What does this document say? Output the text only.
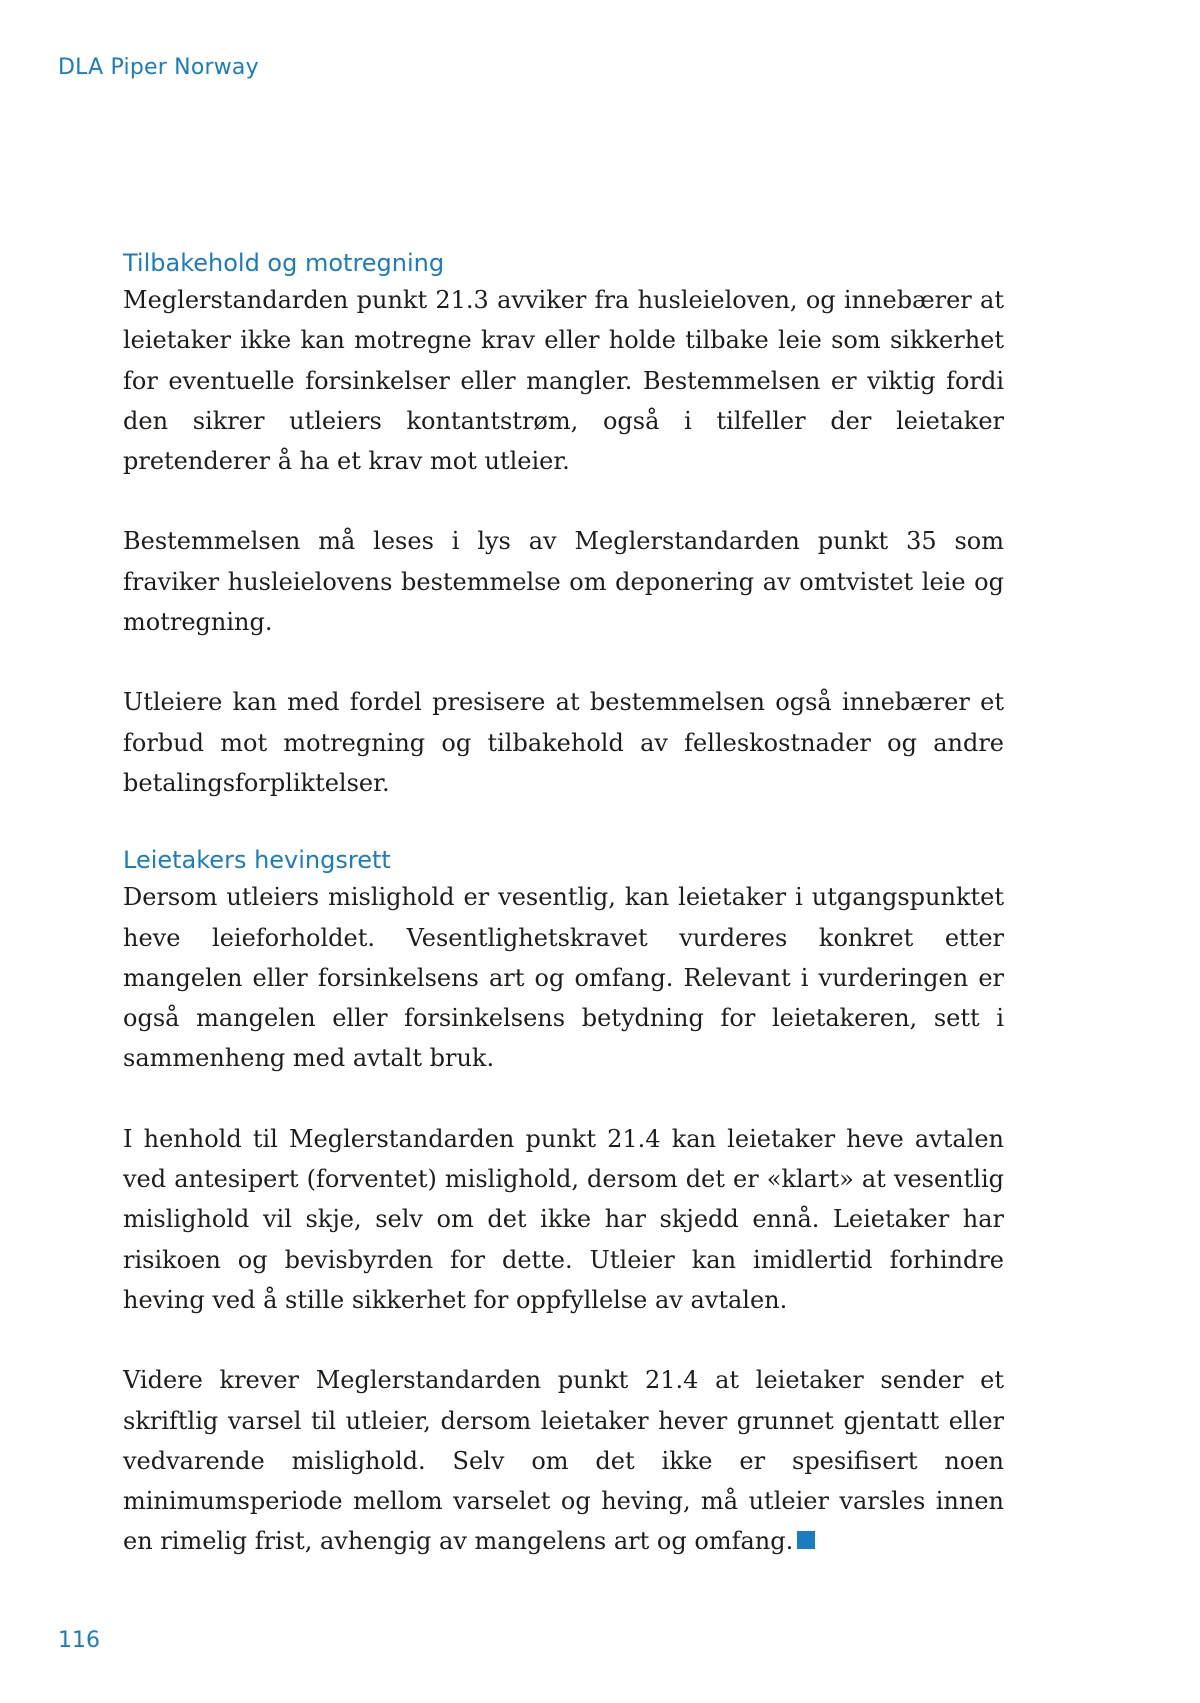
DLA Piper Norway
Tilbakehold og motregning

Meglerstandarden punkt 21.3 avviker fra husleieloven, og innebærer at leietaker ikke kan motregne krav eller holde tilbake leie som sikkerhet for eventuelle forsinkelser eller mangler. Bestemmelsen er viktig fordi den sikrer utleiers kontantstrøm, også i tilfeller der leietaker pretenderer å ha et krav mot utleier.

Bestemmelsen må leses i lys av Meglerstandarden punkt 35 som fraviker husleielovens bestemmelse om deponering av omtvistet leie og motregning.

Utleiere kan med fordel presisere at bestemmelsen også innebærer et forbud mot motregning og tilbakehold av felleskostnader og andre betalingsforpliktelser.

Leietakers hevingsrett

Dersom utleiers mislighold er vesentlig, kan leietaker i utgangspunktet heve leieforholdet. Vesentlighetskravet vurderes konkret etter mangelen eller forsinkelsens art og omfang. Relevant i vurderingen er også mangelen eller forsinkelsens betydning for leietakeren, sett i sammenheng med avtalt bruk.

I henhold til Meglerstandarden punkt 21.4 kan leietaker heve avtalen ved antesipert (forventet) mislighold, dersom det er «klart» at vesentlig mislighold vil skje, selv om det ikke har skjedd ennå. Leietaker har risikoen og bevisbyrden for dette. Utleier kan imidlertid forhindre heving ved å stille sikkerhet for oppfyllelse av avtalen.

Videre krever Meglerstandarden punkt 21.4 at leietaker sender et skriftlig varsel til utleier, dersom leietaker hever grunnet gjentatt eller vedvarende mislighold. Selv om det ikke er spesifisert noen minimumsperiode mellom varselet og heving, må utleier varsles innen en rimelig frist, avhengig av mangelens art og omfang.

116
